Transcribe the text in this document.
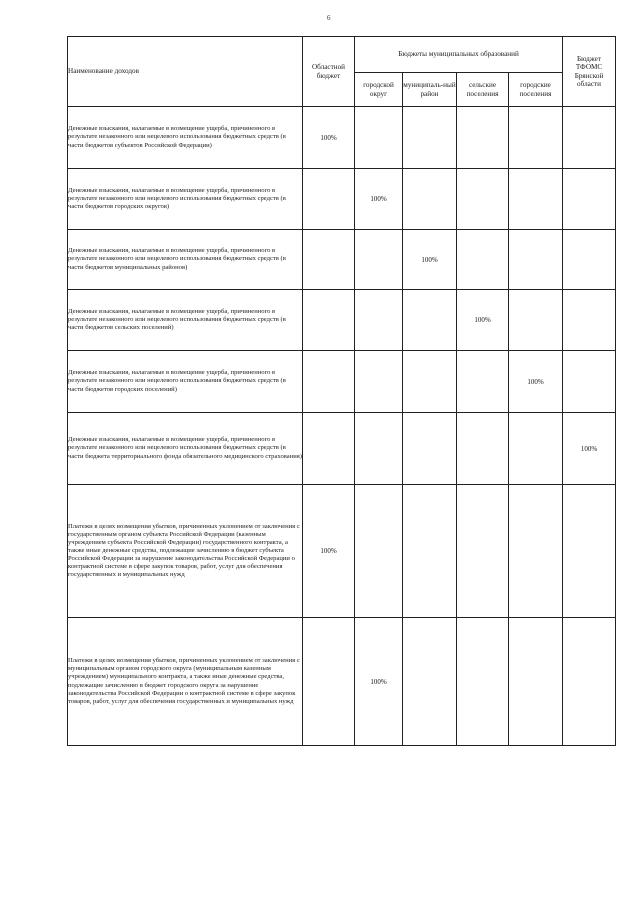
6
Наименование доходов	Областной бюджет	Бюджеты муниципальных образований				Бюджет ТФОМС Брянской области
		городской округ	муниципаль-ный район	сельские поселения	городские поселения	
Денежные взыскания, налагаемые в возмещение ущерба, причиненного в результате незаконного или нецелевого использования бюджетных средств (в части бюджетов субъектов Российской Федерации)	100%					
Денежные взыскания, налагаемые в возмещение ущерба, причиненного в результате незаконного или нецелевого использования бюджетных средств (в части бюджетов городских округов)		100%				
Денежные взыскания, налагаемые в возмещение ущерба, причиненного в результате незаконного или нецелевого использования бюджетных средств (в части бюджетов муниципальных районов)			100%			
Денежные взыскания, налагаемые в возмещение ущерба, причиненного в результате незаконного или нецелевого использования бюджетных средств (в части бюджетов сельских поселений)				100%		
Денежные взыскания, налагаемые в возмещение ущерба, причиненного в результате незаконного или нецелевого использования бюджетных средств (в части бюджетов городских поселений)					100%	
Денежные взыскания, налагаемые в возмещение ущерба, причиненного в результате незаконного или нецелевого использования бюджетных средств (в части бюджета территориального фонда обязательного медицинского страхования)						100%
Платежи в целях возмещения убытков, причиненных уклонением от заключения с государственным органом субъекта Российской Федерации (казенным учреждением субъекта Российской Федерации) государственного контракта, а также иные денежные средства, подлежащие зачислению в бюджет субъекта Российской Федерации за нарушение законодательства Российской Федерации о контрактной системе в сфере закупок товаров, работ, услуг для обеспечения государственных и муниципальных нужд	100%					
Платежи в целях возмещения убытков, причиненных уклонением от заключения с муниципальным органом городского округа (муниципальным казенным учреждением) муниципального контракта, а также иные денежные средства, подлежащие зачислению в бюджет городского округа за нарушение законодательства Российской Федерации о контрактной системе в сфере закупок товаров, работ, услуг для обеспечения государственных и муниципальных нужд		100%				
